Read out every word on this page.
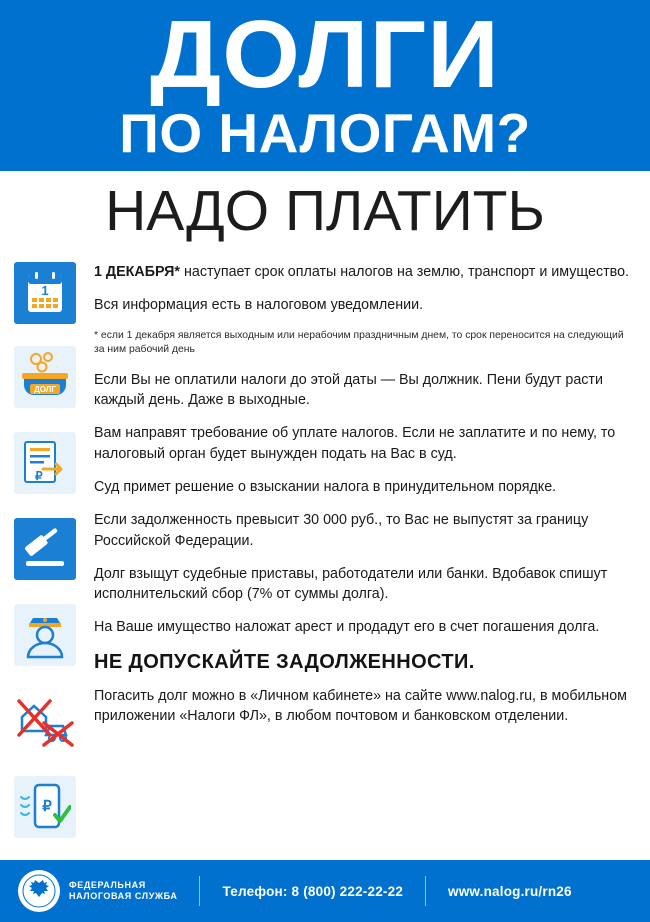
ДОЛГИ
ПО НАЛОГАМ?
НАДО ПЛАТИТЬ
1
ДОЛГ
₽
₽

1 ДЕКАБРЯ* наступает срок оплаты налогов на землю, транспорт и имущество.

Вся информация есть в налоговом уведомлении.

* если 1 декабря является выходным или нерабочим праздничным днем, то срок переносится на следующий за ним рабочий день

Если Вы не оплатили налоги до этой даты — Вы должник. Пени будут расти каждый день. Даже в выходные.

Вам направят требование об уплате налогов. Если не заплатите и по нему, то налоговый орган будет вынужден подать на Вас в суд.

Суд примет решение о взыскании налога в принудительном порядке.

Если задолженность превысит 30 000 руб., то Вас не выпустят за границу Российской Федерации.

Долг взыщут судебные приставы, работодатели или банки. Вдобавок спишут исполнительский сбор (7% от суммы долга).

На Ваше имущество наложат арест и продадут его в счет погашения долга.

НЕ ДОПУСКАЙТЕ ЗАДОЛЖЕННОСТИ.

Погасить долг можно в «Личном кабинете» на сайте www.nalog.ru, в мобильном приложении «Налоги ФЛ», в любом почтовом и банковском отделении.

ФЕДЕРАЛЬНАЯ
НАЛОГОВАЯ СЛУЖБА	Телефон: 8 (800) 222-22-22	www.nalog.ru/rn26
